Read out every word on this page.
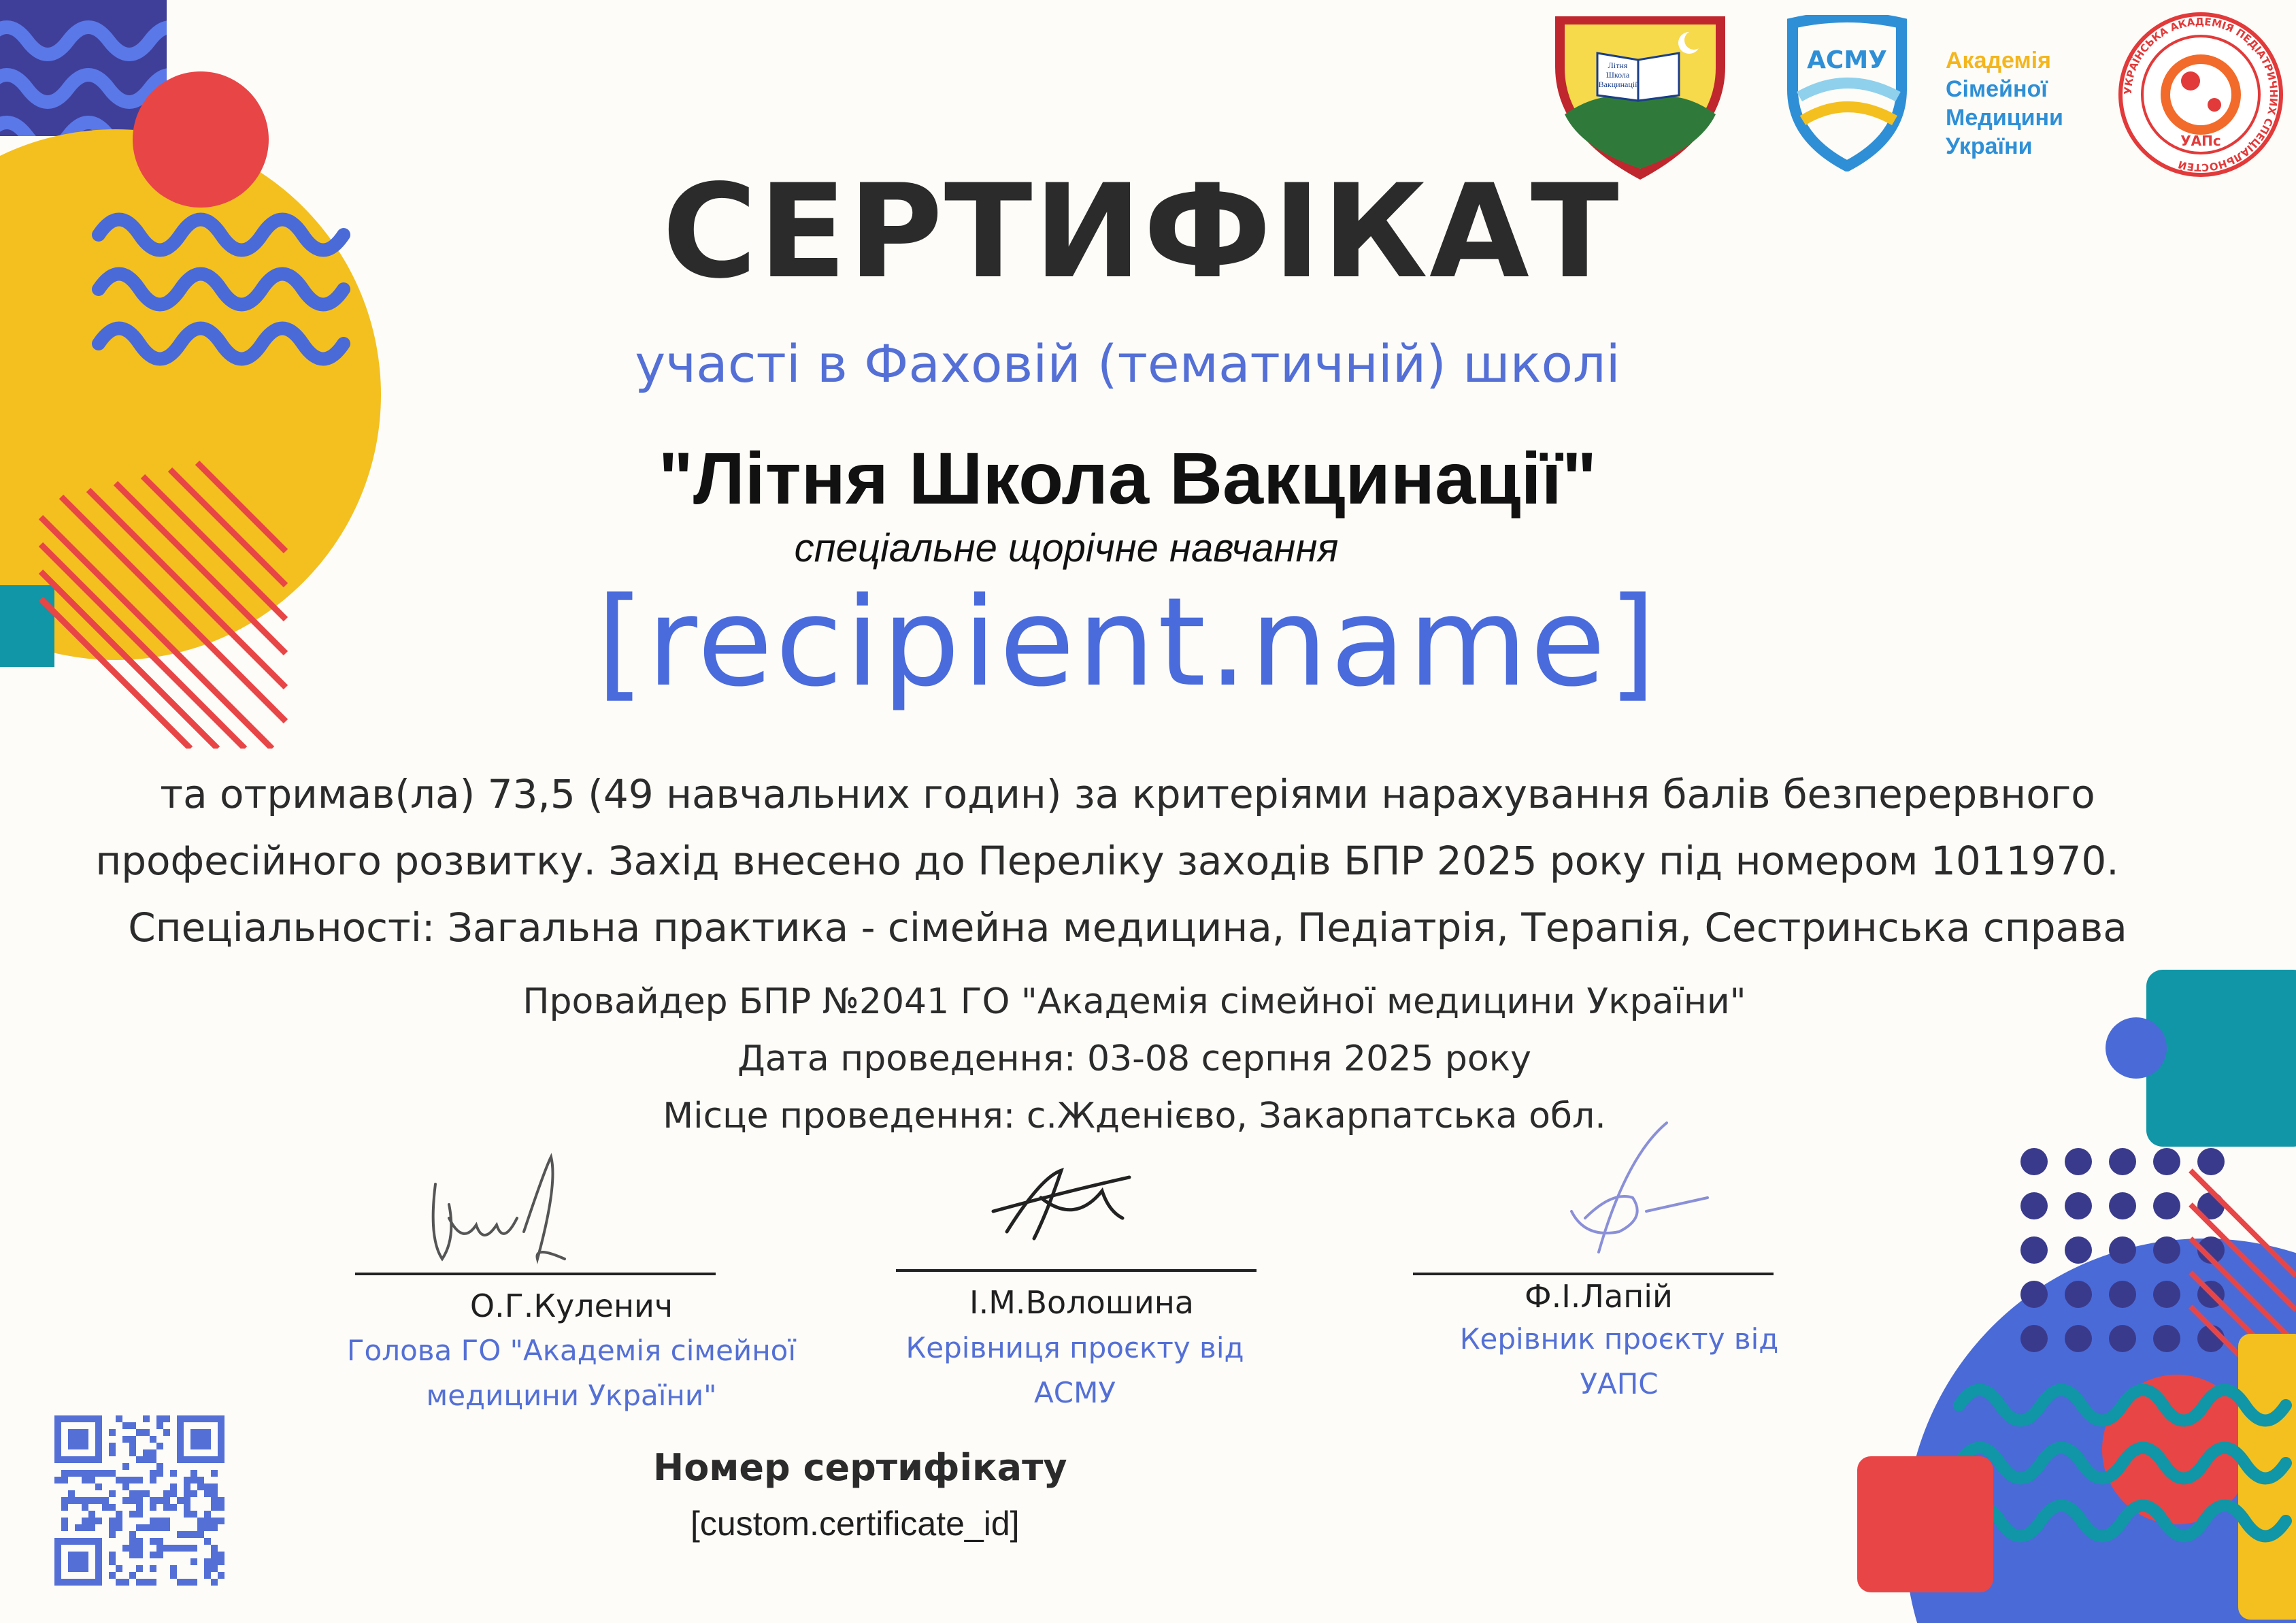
Літня
Школа
Вакцинації
АСМУ	Академія
Сімейної
Медицини
України
УКРАЇНСЬКА АКАДЕМІЯ ПЕДІАТРИЧНИХ СПЕЦІАЛЬНОСТЕЙ
УАПс
СЕРТИФІКАТ
участі в Фаховій (тематичній) школі
"Літня Школа Вакцинації"
спеціальне щорічне навчання
[recipient.name]
та отримав(ла) 73,5 (49 навчальних годин) за критеріями нарахування балів безперервного
професійного розвитку. Захід внесено до Переліку заходів БПР 2025 року під номером 1011970.
Спеціальності: Загальна практика - сімейна медицина, Педіатрія, Терапія, Сестринська справа
Провайдер БПР №2041 ГО "Академія сімейної медицини України"
Дата проведення: 03-08 серпня 2025 року
Місце проведення: с.Жденієво, Закарпатська обл.
О.Г.Куленич	І.М.Волошина	Ф.І.Лапій
Голова ГО "Академія сімейної
медицини України"
Керівниця проєкту від
АСМУ
Керівник проєкту від
УАПС
Номер сертифікату
[custom.certificate_id]
